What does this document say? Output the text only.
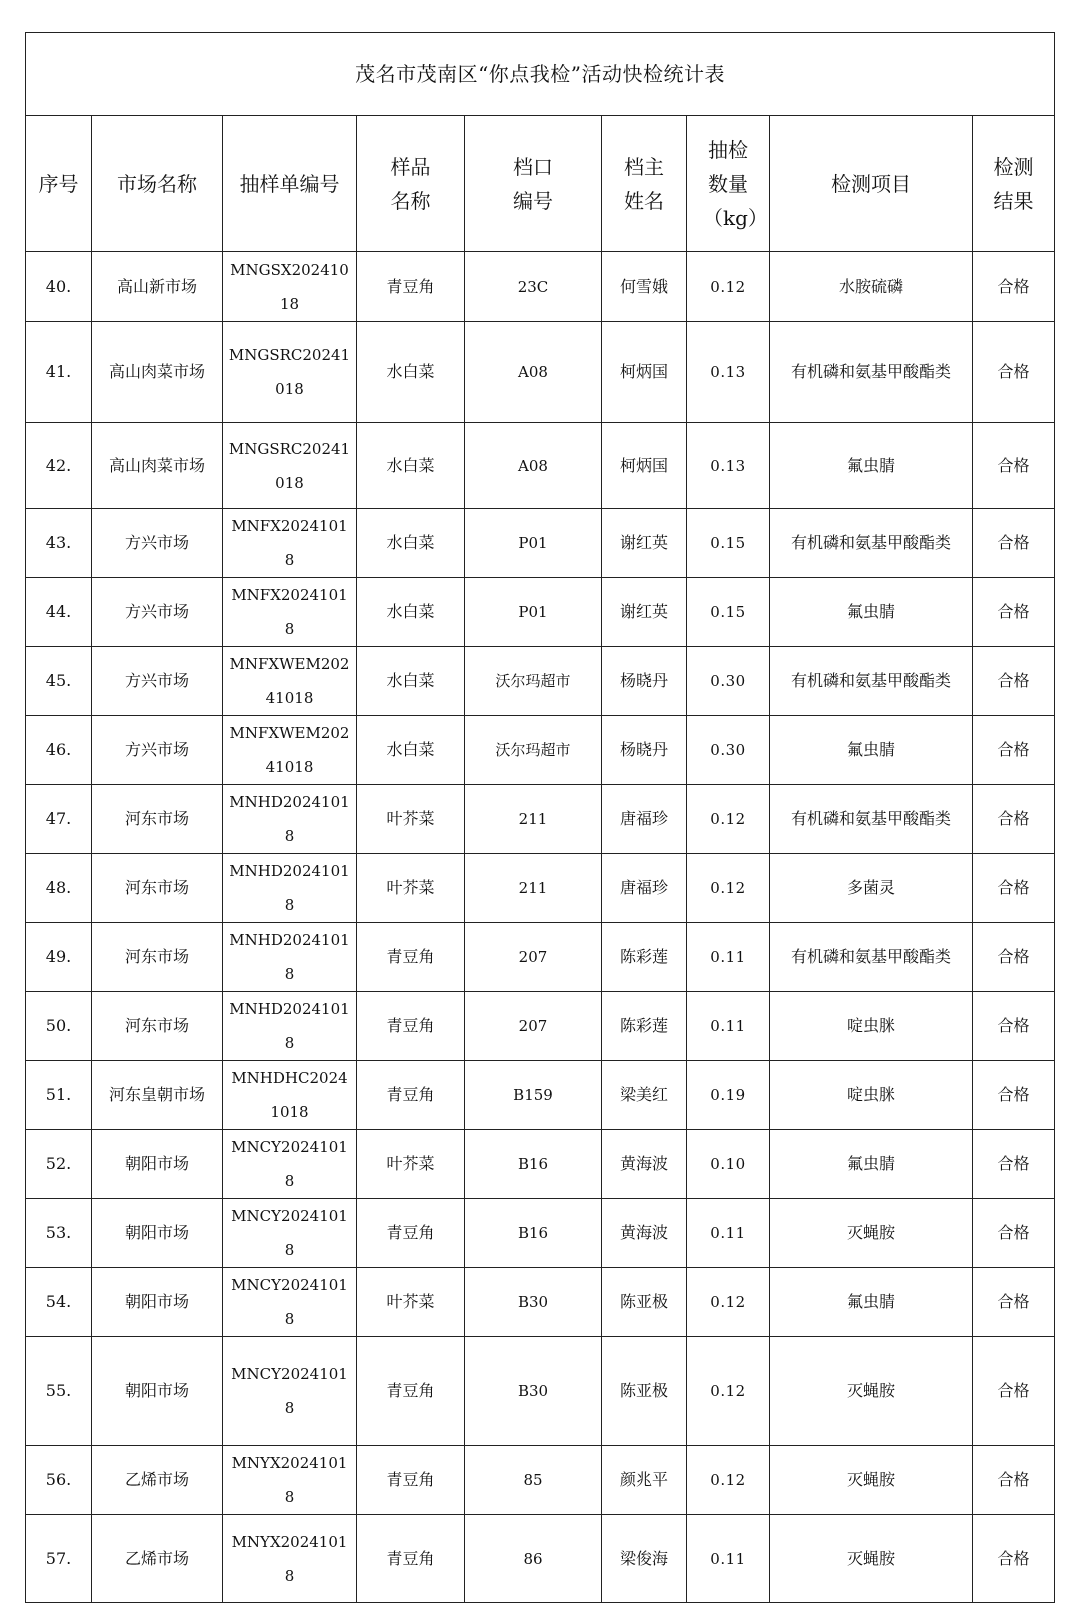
茂名市茂南区“你点我检”活动快检统计表								
序号	市场名称	抽样单编号	样品名称	档口编号	档主姓名	抽检数量（kg）	检测项目	检测结果
40.	高山新市场	MNGSX20241018	青豆角	23C	何雪娥	0.12	水胺硫磷	合格
41.	高山肉菜市场	MNGSRC20241018	水白菜	A08	柯炳国	0.13	有机磷和氨基甲酸酯类	合格
42.	高山肉菜市场	MNGSRC20241018	水白菜	A08	柯炳国	0.13	氟虫腈	合格
43.	方兴市场	MNFX20241018	水白菜	P01	谢红英	0.15	有机磷和氨基甲酸酯类	合格
44.	方兴市场	MNFX20241018	水白菜	P01	谢红英	0.15	氟虫腈	合格
45.	方兴市场	MNFXWEM20241018	水白菜	沃尔玛超市	杨晓丹	0.30	有机磷和氨基甲酸酯类	合格
46.	方兴市场	MNFXWEM20241018	水白菜	沃尔玛超市	杨晓丹	0.30	氟虫腈	合格
47.	河东市场	MNHD20241018	叶芥菜	211	唐福珍	0.12	有机磷和氨基甲酸酯类	合格
48.	河东市场	MNHD20241018	叶芥菜	211	唐福珍	0.12	多菌灵	合格
49.	河东市场	MNHD20241018	青豆角	207	陈彩莲	0.11	有机磷和氨基甲酸酯类	合格
50.	河东市场	MNHD20241018	青豆角	207	陈彩莲	0.11	啶虫脒	合格
51.	河东皇朝市场	MNHDHC20241018	青豆角	B159	梁美红	0.19	啶虫脒	合格
52.	朝阳市场	MNCY20241018	叶芥菜	B16	黄海波	0.10	氟虫腈	合格
53.	朝阳市场	MNCY20241018	青豆角	B16	黄海波	0.11	灭蝇胺	合格
54.	朝阳市场	MNCY20241018	叶芥菜	B30	陈亚极	0.12	氟虫腈	合格
55.	朝阳市场	MNCY20241018	青豆角	B30	陈亚极	0.12	灭蝇胺	合格
56.	乙烯市场	MNYX20241018	青豆角	85	颜兆平	0.12	灭蝇胺	合格
57.	乙烯市场	MNYX20241018	青豆角	86	梁俊海	0.11	灭蝇胺	合格
